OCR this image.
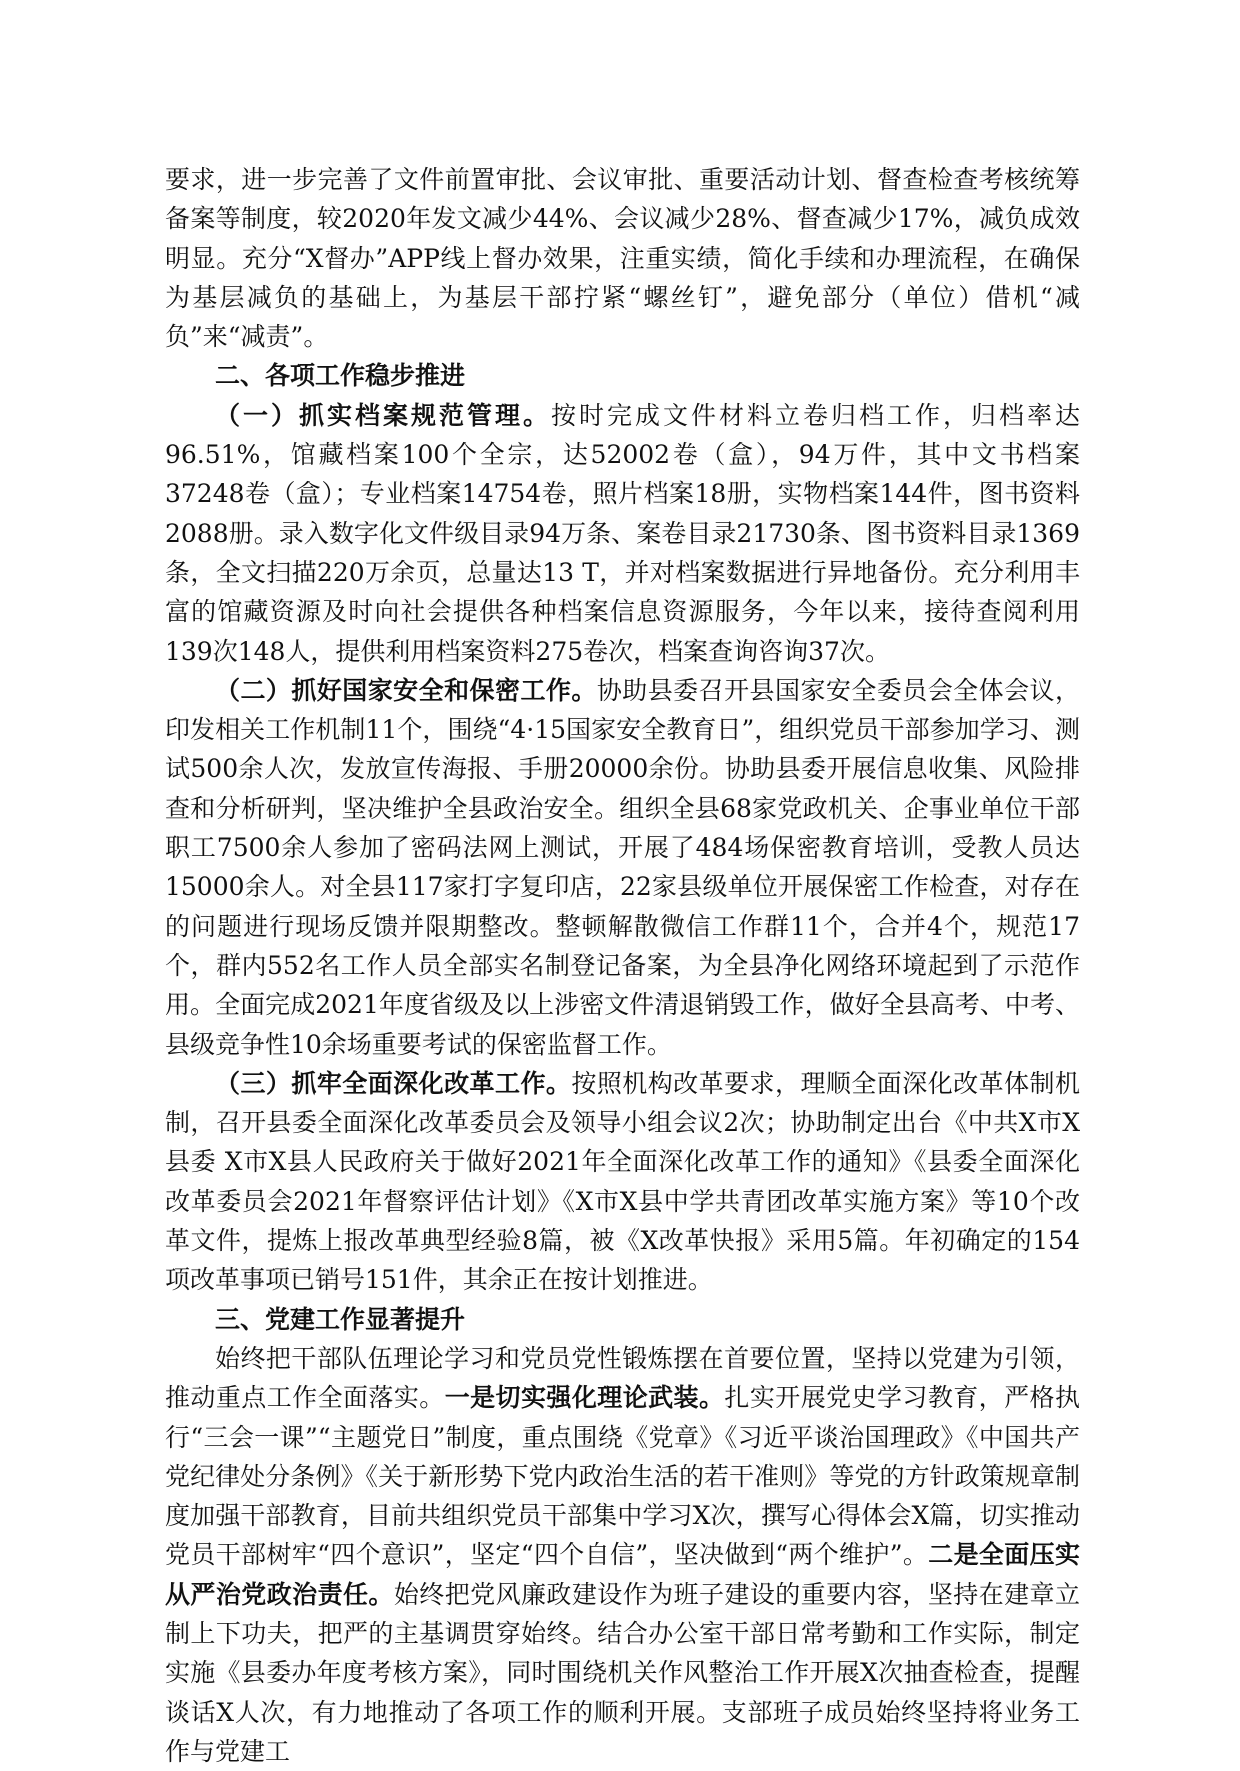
要求，进一步完善了文件前置审批、会议审批、重要活动计划、督查检查考核统筹备案等制度，较2020年发文减少44%、会议减少28%、督查减少17%，减负成效明显。充分“X督办”APP线上督办效果，注重实绩，简化手续和办理流程，在确保为基层减负的基础上，为基层干部拧紧“螺丝钉”，避免部分（单位）借机“减负”来“减责”。

二、各项工作稳步推进

（一）抓实档案规范管理。按时完成文件材料立卷归档工作，归档率达96.51%，馆藏档案100个全宗，达52002卷（盒），94万件，其中文书档案37248卷（盒）；专业档案14754卷，照片档案18册，实物档案144件，图书资料2088册。录入数字化文件级目录94万条、案卷目录21730条、图书资料目录1369条，全文扫描220万余页，总量达13 T，并对档案数据进行异地备份。充分利用丰富的馆藏资源及时向社会提供各种档案信息资源服务，今年以来，接待查阅利用139次148人，提供利用档案资料275卷次，档案查询咨询37次。

（二）抓好国家安全和保密工作。协助县委召开县国家安全委员会全体会议，印发相关工作机制11个，围绕“4·15国家安全教育日”，组织党员干部参加学习、测试500余人次，发放宣传海报、手册20000余份。协助县委开展信息收集、风险排查和分析研判，坚决维护全县政治安全。组织全县68家党政机关、企事业单位干部职工7500余人参加了密码法网上测试，开展了484场保密教育培训，受教人员达15000余人。对全县117家打字复印店，22家县级单位开展保密工作检查，对存在的问题进行现场反馈并限期整改。整顿解散微信工作群11个，合并4个，规范17个，群内552名工作人员全部实名制登记备案，为全县净化网络环境起到了示范作用。全面完成2021年度省级及以上涉密文件清退销毁工作，做好全县高考、中考、县级竞争性10余场重要考试的保密监督工作。

（三）抓牢全面深化改革工作。按照机构改革要求，理顺全面深化改革体制机制，召开县委全面深化改革委员会及领导小组会议2次；协助制定出台《中共X市X县委 X市X县人民政府关于做好2021年全面深化改革工作的通知》《县委全面深化改革委员会2021年督察评估计划》《X市X县中学共青团改革实施方案》等10个改革文件，提炼上报改革典型经验8篇，被《X改革快报》采用5篇。年初确定的154项改革事项已销号151件，其余正在按计划推进。

三、党建工作显著提升

始终把干部队伍理论学习和党员党性锻炼摆在首要位置，坚持以党建为引领，推动重点工作全面落实。一是切实强化理论武装。扎实开展党史学习教育，严格执行“三会一课”“主题党日”制度，重点围绕《党章》《习近平谈治国理政》《中国共产党纪律处分条例》《关于新形势下党内政治生活的若干准则》等党的方针政策规章制度加强干部教育，目前共组织党员干部集中学习X次，撰写心得体会X篇，切实推动党员干部树牢“四个意识”，坚定“四个自信”，坚决做到“两个维护”。二是全面压实从严治党政治责任。始终把党风廉政建设作为班子建设的重要内容，坚持在建章立制上下功夫，把严的主基调贯穿始终。结合办公室干部日常考勤和工作实际，制定实施《县委办年度考核方案》，同时围绕机关作风整治工作开展X次抽查检查，提醒谈话X人次，有力地推动了各项工作的顺利开展。支部班子成员始终坚持将业务工作与党建工
